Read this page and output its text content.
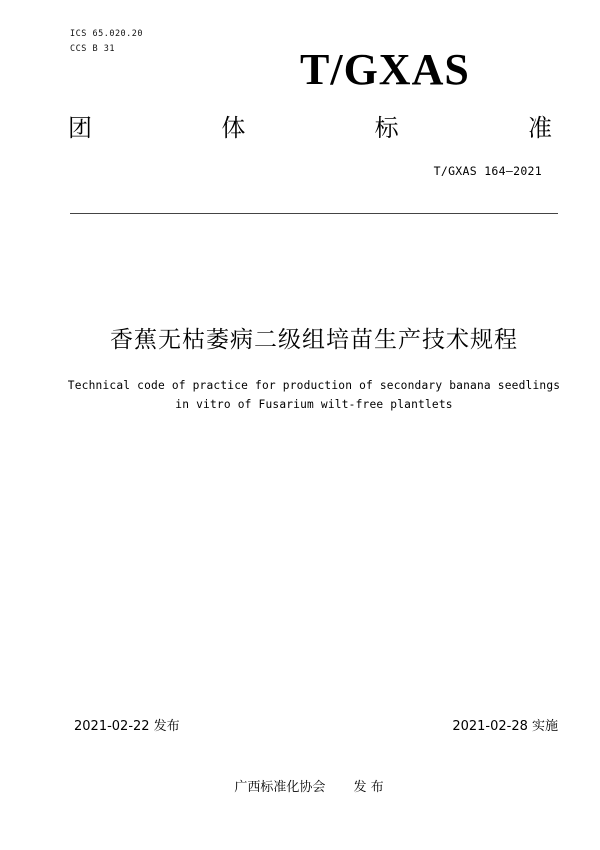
ICS 65.020.20
CCS B 31	T/GXAS
团	体	标	准
T/GXAS 164—2021
香蕉无枯萎病二级组培苗生产技术规程
Technical code of practice for production of secondary banana seedlings
in vitro of Fusarium wilt-free plantlets
2021-02-22 发布	2021-02-28 实施
广西标准化协会 发 布
